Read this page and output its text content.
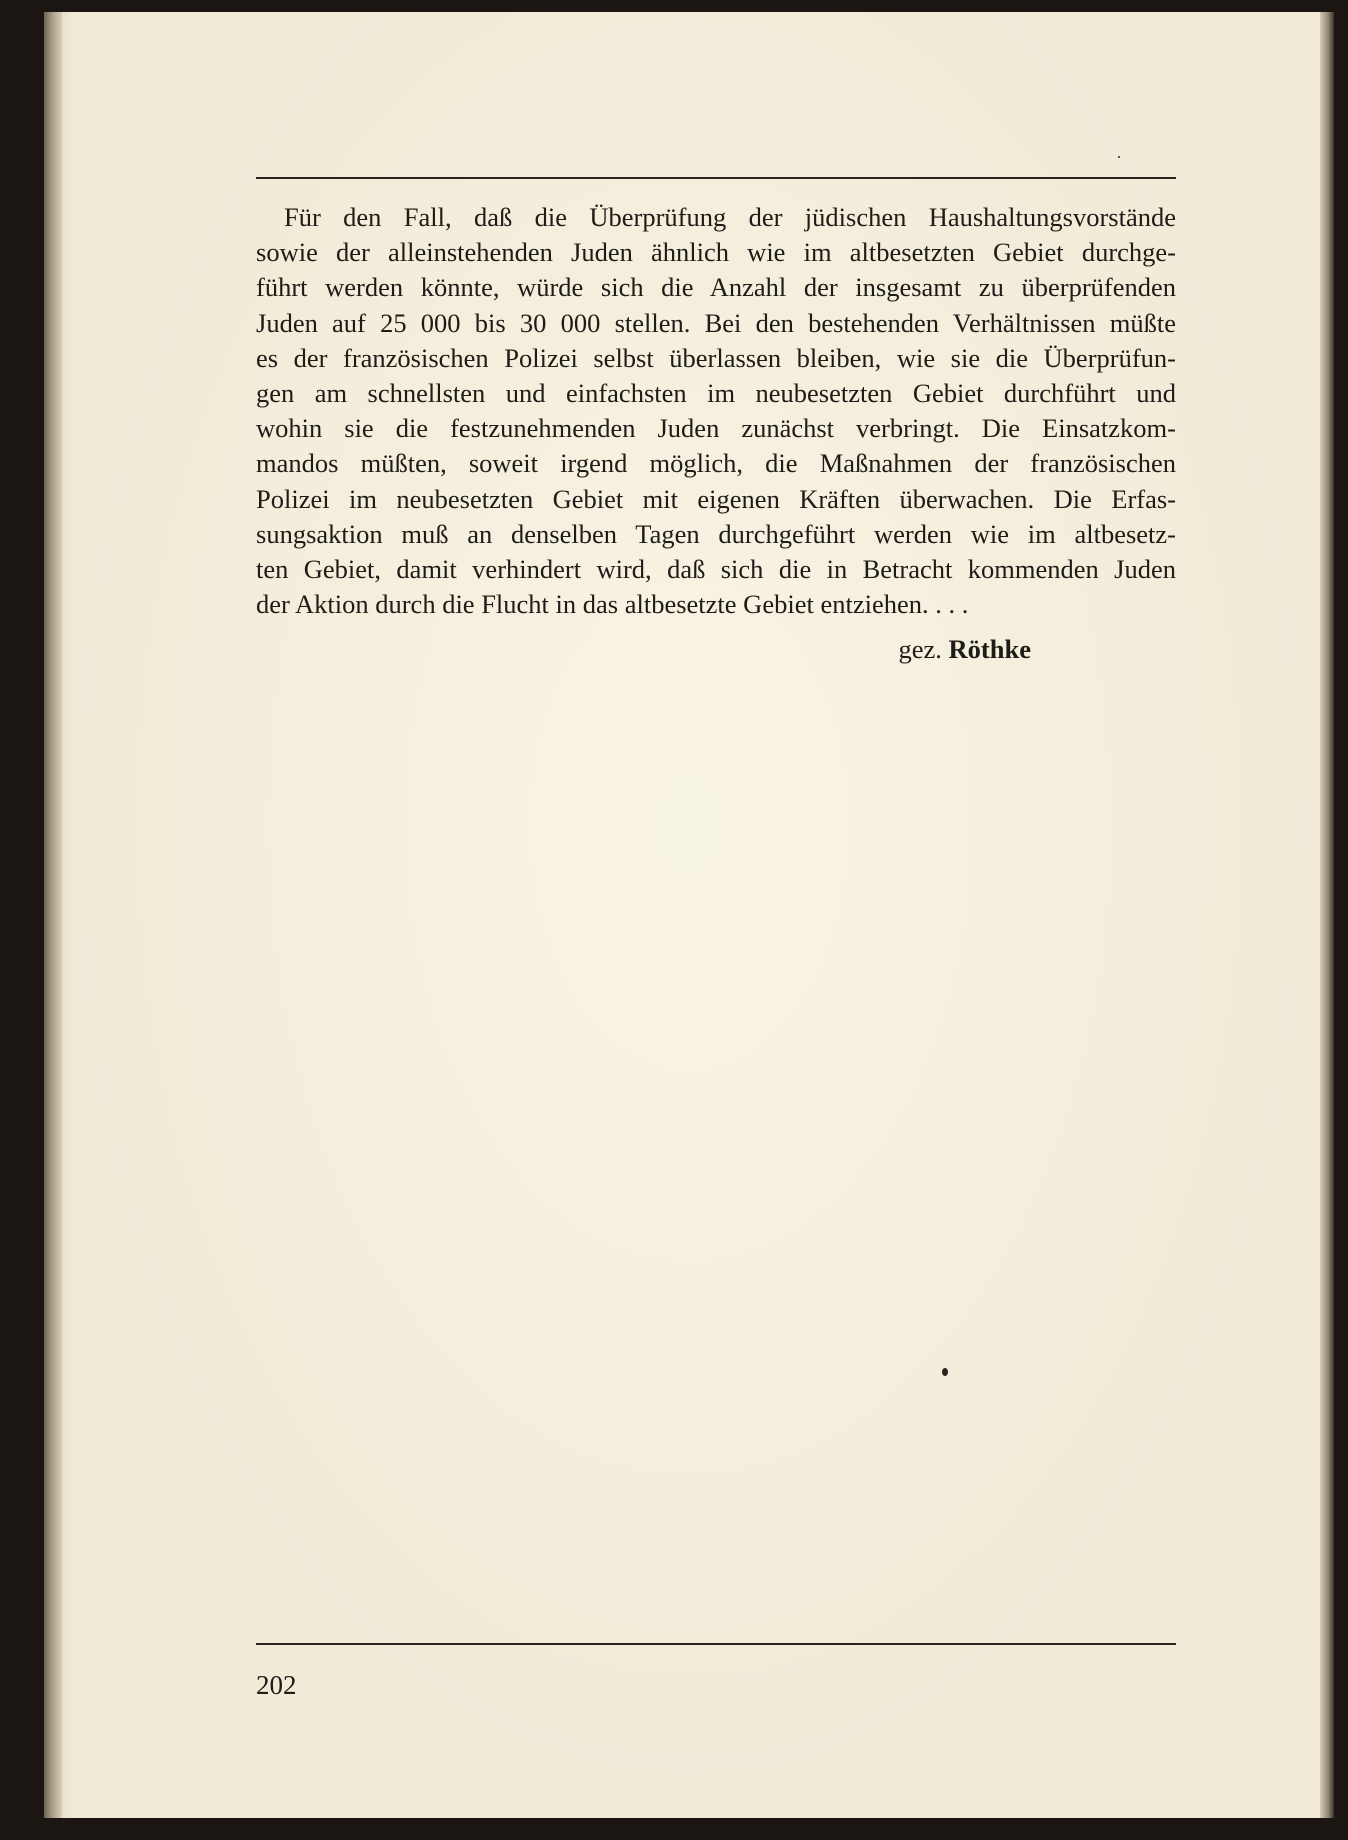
Für den Fall, daß die Überprüfung der jüdischen Haushaltungsvorstände
sowie der alleinstehenden Juden ähnlich wie im altbesetzten Gebiet durchge-
führt werden könnte, würde sich die Anzahl der insgesamt zu überprüfenden
Juden auf 25 000 bis 30 000 stellen. Bei den bestehenden Verhältnissen müßte
es der französischen Polizei selbst überlassen bleiben, wie sie die Überprüfun-
gen am schnellsten und einfachsten im neubesetzten Gebiet durchführt und
wohin sie die festzunehmenden Juden zunächst verbringt. Die Einsatzkom-
mandos müßten, soweit irgend möglich, die Maßnahmen der französischen
Polizei im neubesetzten Gebiet mit eigenen Kräften überwachen. Die Erfas-
sungsaktion muß an denselben Tagen durchgeführt werden wie im altbesetz-
ten Gebiet, damit verhindert wird, daß sich die in Betracht kommenden Juden
der Aktion durch die Flucht in das altbesetzte Gebiet entziehen. . . .

gez. Röthke
202
